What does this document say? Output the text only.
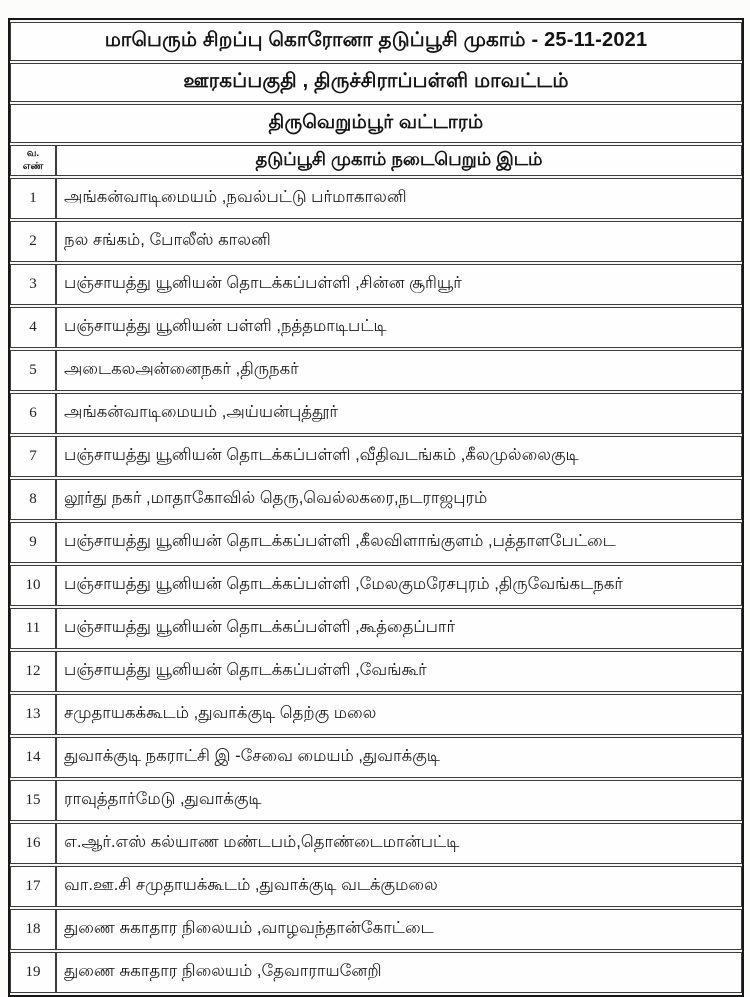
மாபெரும் சிறப்பு கொரோனா தடுப்பூசி முகாம் - 25-11-2021	
ஊரகப்பகுதி , திருச்சிராப்பள்ளி மாவட்டம்	
திருவெறும்பூர் வட்டாரம்	

வ.
எண்	தடுப்பூசி முகாம் நடைபெறும் இடம்
1	அங்கன்வாடிமையம் ,நவல்பட்டு பர்மாகாலனி
2	நல சங்கம், போலீஸ் காலனி
3	பஞ்சாயத்து யூனியன் தொடக்கப்பள்ளி ,சின்ன சூரியூர்
4	பஞ்சாயத்து யூனியன் பள்ளி ,நத்தமாடிபட்டி
5	அடைகலஅன்னைநகர் ,திருநகர்
6	அங்கன்வாடிமையம் ,அய்யன்புத்தூர்
7	பஞ்சாயத்து யூனியன் தொடக்கப்பள்ளி ,வீதிவடங்கம் ,கீலமுல்லைகுடி
8	லூர்து நகர் ,மாதாகோவில் தெரு,வெல்லகரை,நடராஜபுரம்
9	பஞ்சாயத்து யூனியன் தொடக்கப்பள்ளி ,கீலவிளாங்குளம் ,பத்தாளபேட்டை
10	பஞ்சாயத்து யூனியன் தொடக்கப்பள்ளி ,மேலகுமரேசபுரம் ,திருவேங்கடநகர்
11	பஞ்சாயத்து யூனியன் தொடக்கப்பள்ளி ,கூத்தைப்பார்
12	பஞ்சாயத்து யூனியன் தொடக்கப்பள்ளி ,வேங்கூர்
13	சமுதாயகக்கூடம் ,துவாக்குடி தெற்கு மலை
14	துவாக்குடி நகராட்சி இ -சேவை மையம் ,துவாக்குடி
15	ராவுத்தார்மேடு ,துவாக்குடி
16	எ.ஆர்.எஸ் கல்யாண மண்டபம்,தொண்டைமான்பட்டி
17	வா.ஊ.சி சமுதாயக்கூடம் ,துவாக்குடி வடக்குமலை
18	துணை சுகாதார நிலையம் ,வாழவந்தான்கோட்டை
19	துணை சுகாதார நிலையம் ,தேவாராயனேறி
